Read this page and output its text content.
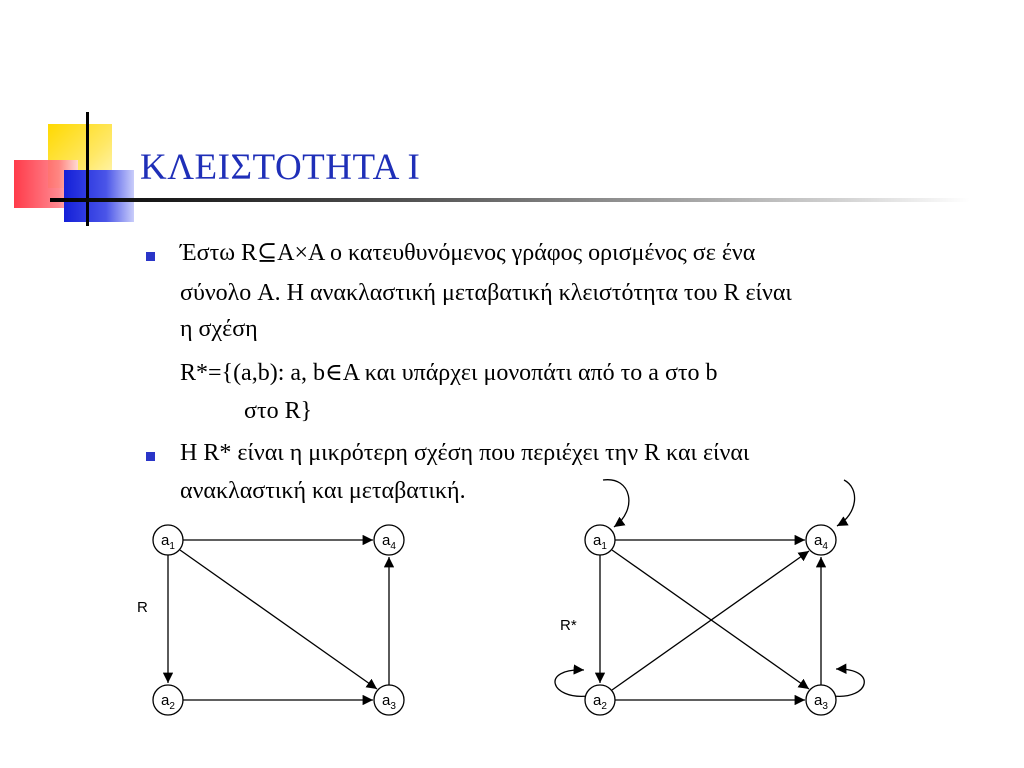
ΚΛΕΙΣΤΟΤΗΤΑ Ι
Έστω R⊆A×A ο κατευθυνόμενος γράφος ορισμένος σε ένα
σύνολο A. Η ανακλαστική μεταβατική κλειστότητα του R είναι
η σχέση
R*={(a,b): a, b∈A και υπάρχει μονοπάτι από το a στο b
στο R}
Η R* είναι η μικρότερη σχέση που περιέχει την R και είναι
ανακλαστική και μεταβατική.
$a_1$	$a_4$
$a_2$	$a_3$
R
$a_1$	$a_4$
$a_2$	$a_3$
R*
